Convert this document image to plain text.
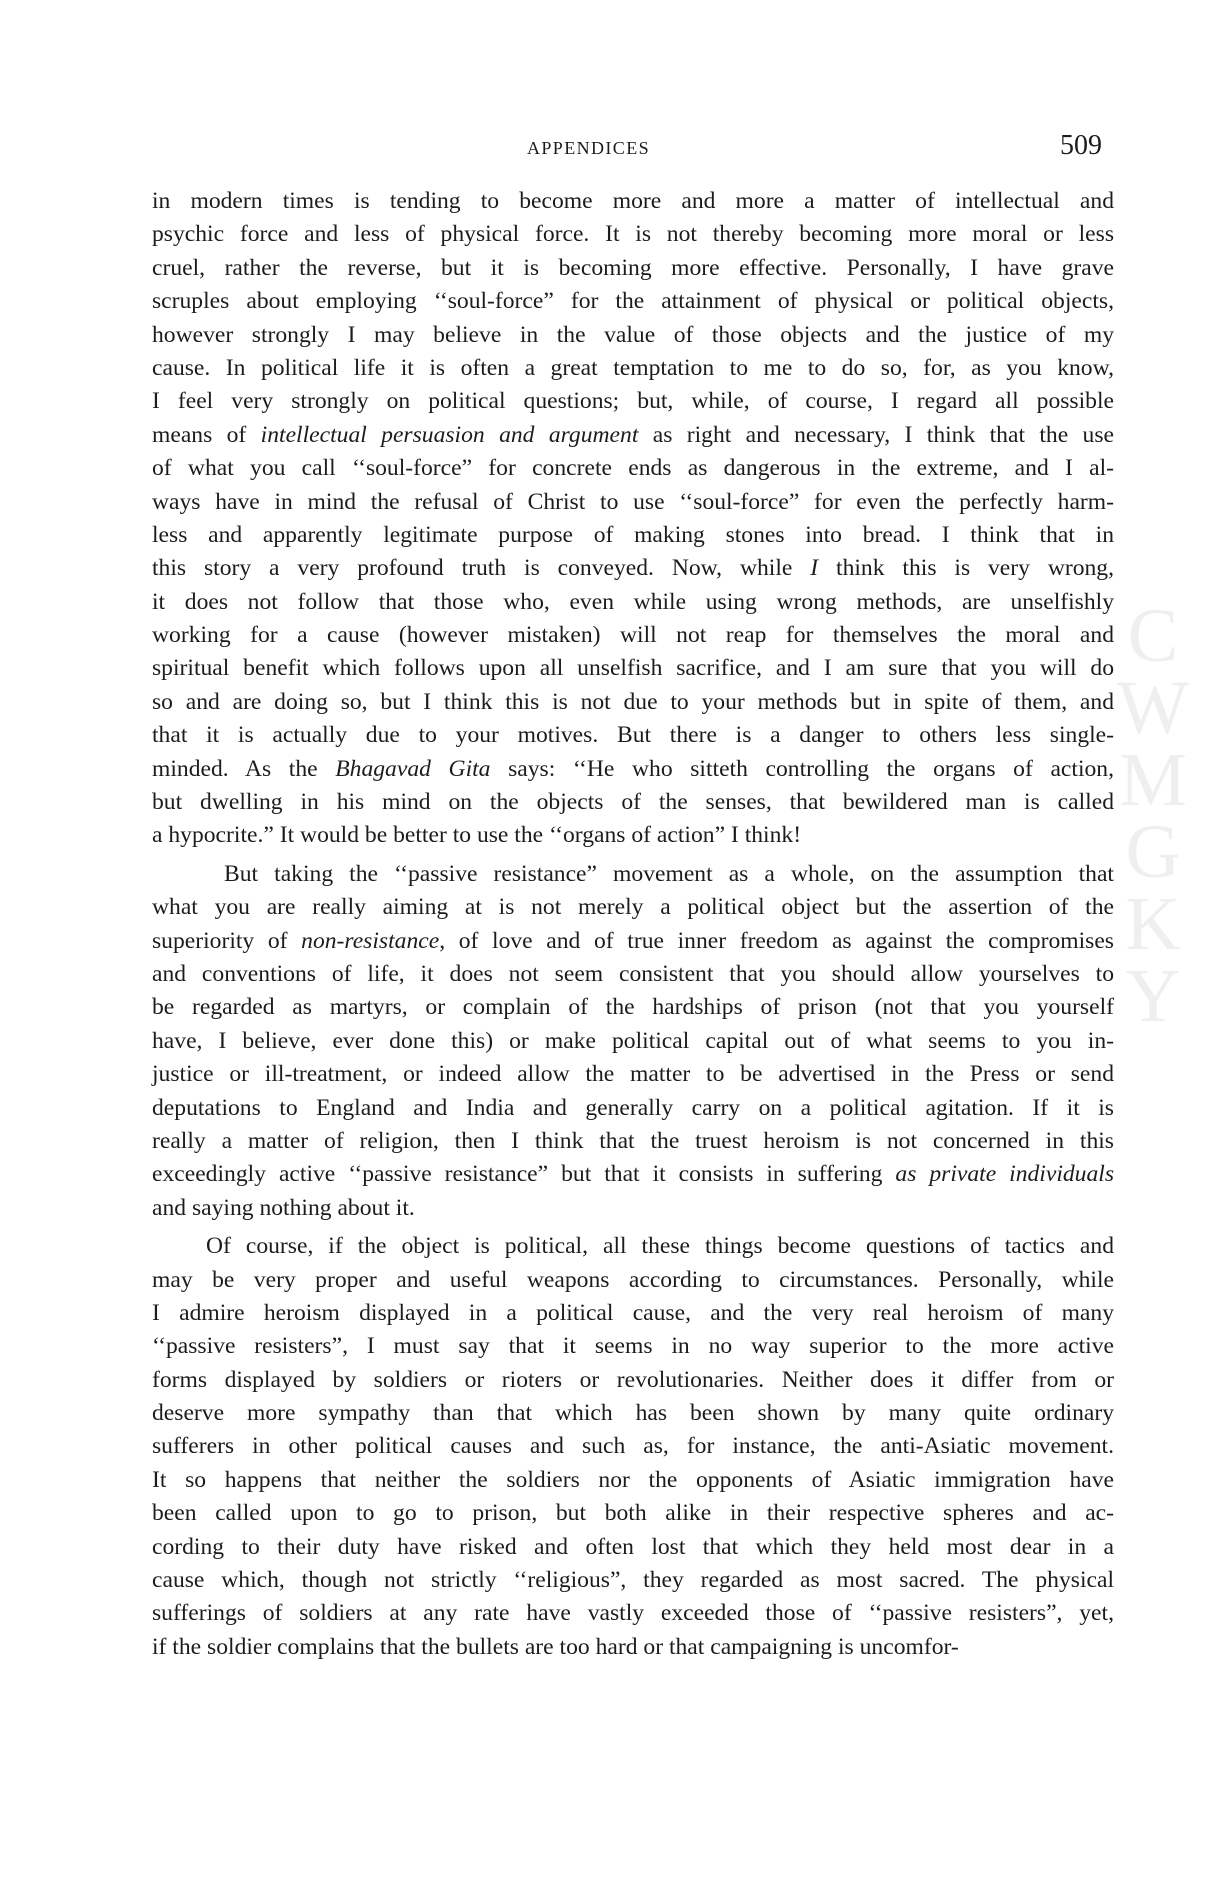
APPENDICES	509
C
W
M
G
K
Y
in modern times is tending to become more and more a matter of intellectual and
psychic force and less of physical force. It is not thereby becoming more moral or less
cruel, rather the reverse, but it is becoming more effective. Personally, I have grave
scruples about employing ‘‘soul-force” for the attainment of physical or political objects,
however strongly I may believe in the value of those objects and the justice of my
cause. In political life it is often a great temptation to me to do so, for, as you know,
I feel very strongly on political questions; but, while, of course, I regard all possible
means of intellectual persuasion and argument as right and necessary, I think that the use
of what you call ‘‘soul-force” for concrete ends as dangerous in the extreme, and I al-
ways have in mind the refusal of Christ to use ‘‘soul-force” for even the perfectly harm-
less and apparently legitimate purpose of making stones into bread. I think that in
this story a very profound truth is conveyed. Now, while I think this is very wrong,
it does not follow that those who, even while using wrong methods, are unselfishly
working for a cause (however mistaken) will not reap for themselves the moral and
spiritual benefit which follows upon all unselfish sacrifice, and I am sure that you will do
so and are doing so, but I think this is not due to your methods but in spite of them, and
that it is actually due to your motives. But there is a danger to others less single-
minded. As the Bhagavad Gita says: ‘‘He who sitteth controlling the organs of action,
but dwelling in his mind on the objects of the senses, that bewildered man is called
a hypocrite.” It would be better to use the ‘‘organs of action” I think!
But taking the ‘‘passive resistance” movement as a whole, on the assumption that
what you are really aiming at is not merely a political object but the assertion of the
superiority of non-resistance, of love and of true inner freedom as against the compromises
and conventions of life, it does not seem consistent that you should allow yourselves to
be regarded as martyrs, or complain of the hardships of prison (not that you yourself
have, I believe, ever done this) or make political capital out of what seems to you in-
justice or ill-treatment, or indeed allow the matter to be advertised in the Press or send
deputations to England and India and generally carry on a political agitation. If it is
really a matter of religion, then I think that the truest heroism is not concerned in this
exceedingly active ‘‘passive resistance” but that it consists in suffering as private individuals
and saying nothing about it.
Of course, if the object is political, all these things become questions of tactics and
may be very proper and useful weapons according to circumstances. Personally, while
I admire heroism displayed in a political cause, and the very real heroism of many
‘‘passive resisters”, I must say that it seems in no way superior to the more active
forms displayed by soldiers or rioters or revolutionaries. Neither does it differ from or
deserve more sympathy than that which has been shown by many quite ordinary
sufferers in other political causes and such as, for instance, the anti-Asiatic movement.
It so happens that neither the soldiers nor the opponents of Asiatic immigration have
been called upon to go to prison, but both alike in their respective spheres and ac-
cording to their duty have risked and often lost that which they held most dear in a
cause which, though not strictly ‘‘religious”, they regarded as most sacred. The physical
sufferings of soldiers at any rate have vastly exceeded those of ‘‘passive resisters”, yet,
if the soldier complains that the bullets are too hard or that campaigning is uncomfor-
